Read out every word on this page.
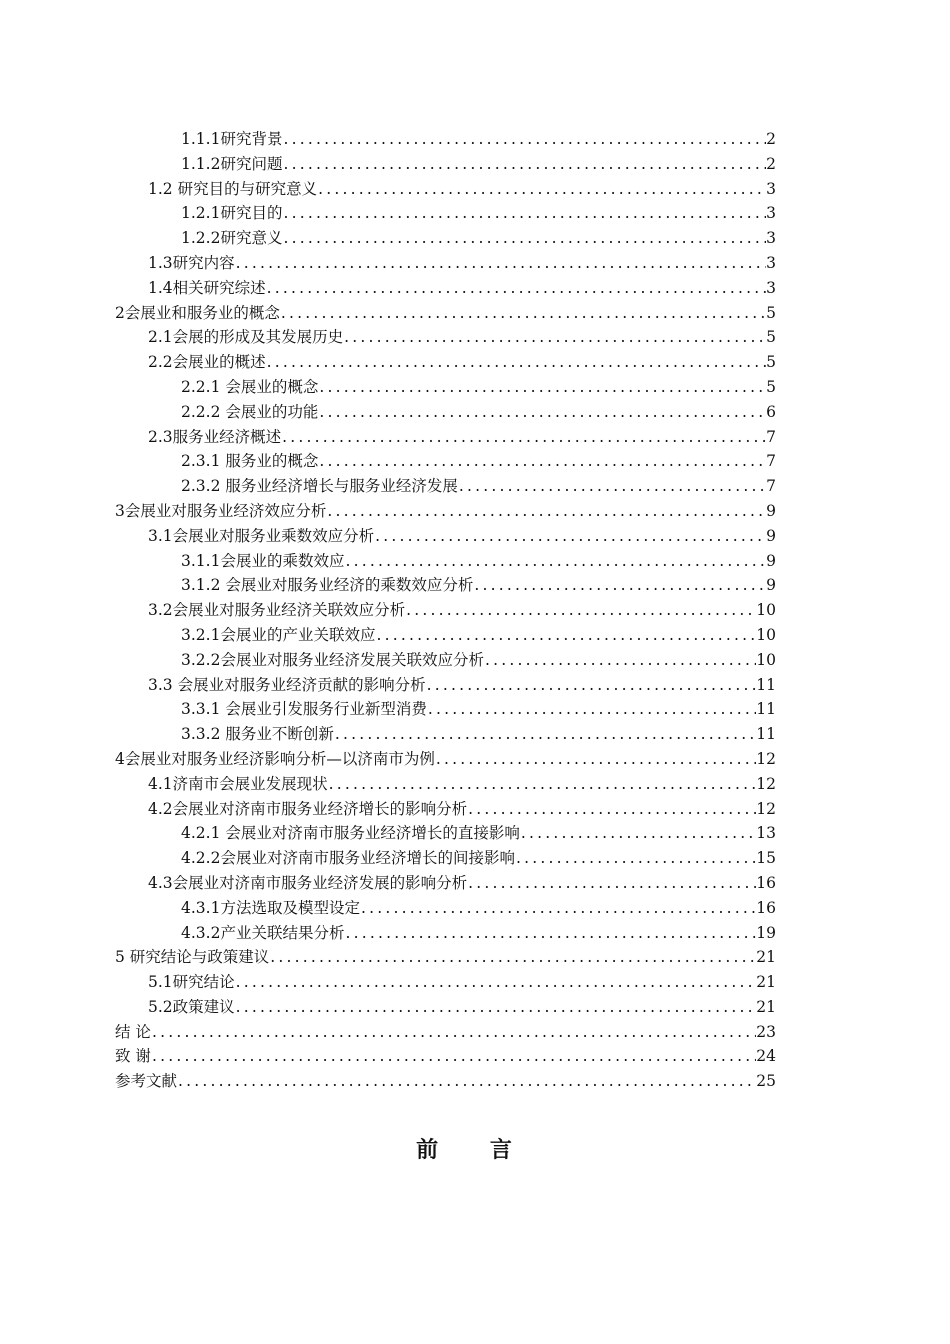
1.1.1研究背景 .....	2
1.1.2研究问题 .....	2
1.2 研究目的与研究意义 .....	3
1.2.1研究目的 .....	3
1.2.2研究意义 .....	3
1.3研究内容 .....	3
1.4相关研究综述 .....	3
2会展业和服务业的概念 .....	5
2.1会展的形成及其发展历史 .....	5
2.2会展业的概述 .....	5
2.2.1 会展业的概念 .....	5
2.2.2 会展业的功能 .....	6
2.3服务业经济概述 .....	7
2.3.1 服务业的概念 .....	7
2.3.2 服务业经济增长与服务业经济发展 .....	7
3会展业对服务业经济效应分析 .....	9
3.1会展业对服务业乘数效应分析 .....	9
3.1.1会展业的乘数效应 .....	9
3.1.2 会展业对服务业经济的乘数效应分析 .....	9
3.2会展业对服务业经济关联效应分析 .....	10
3.2.1会展业的产业关联效应 .....	10
3.2.2会展业对服务业经济发展关联效应分析 .....	10
3.3 会展业对服务业经济贡献的影响分析 .....	11
3.3.1 会展业引发服务行业新型消费 .....	11
3.3.2 服务业不断创新 .....	11
4会展业对服务业经济影响分析—以济南市为例 .....	12
4.1济南市会展业发展现状 .....	12
4.2会展业对济南市服务业经济增长的影响分析 .....	12
4.2.1 会展业对济南市服务业经济增长的直接影响 .....	13
4.2.2会展业对济南市服务业经济增长的间接影响 .....	15
4.3会展业对济南市服务业经济发展的影响分析 .....	16
4.3.1方法选取及模型设定 .....	16
4.3.2产业关联结果分析 .....	19
5 研究结论与政策建议 .....	21
5.1研究结论 .....	21
5.2政策建议 .....	21
结 论 .....	23
致 谢 .....	24
参考文献 .....	25
前 言
